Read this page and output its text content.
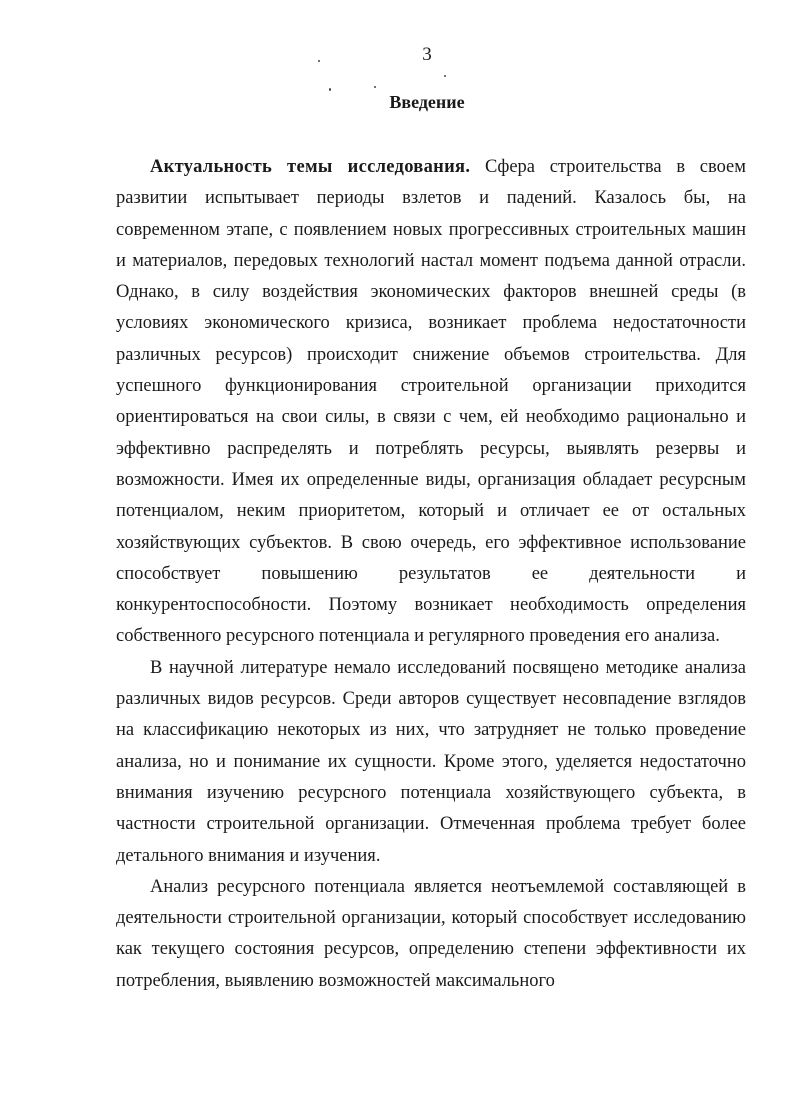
3
Введение

Актуальность темы исследования. Сфера строительства в своем развитии испытывает периоды взлетов и падений. Казалось бы, на современном этапе, с появлением новых прогрессивных строительных машин и материалов, передовых технологий настал момент подъема данной отрасли. Однако, в силу воздействия экономических факторов внешней среды (в условиях экономического кризиса, возникает проблема недостаточности различных ресурсов) происходит снижение объемов строительства. Для успешного функционирования строительной организации приходится ориентироваться на свои силы, в связи с чем, ей необходимо рационально и эффективно распределять и потреблять ресурсы, выявлять резервы и возможности. Имея их определенные виды, организация обладает ресурсным потенциалом, неким приоритетом, который и отличает ее от остальных хозяйствующих субъектов. В свою очередь, его эффективное использование способствует повышению результатов ее деятельности и конкурентоспособности. Поэтому возникает необходимость определения собственного ресурсного потенциала и регулярного проведения его анализа.

В научной литературе немало исследований посвящено методике анализа различных видов ресурсов. Среди авторов существует несовпадение взглядов на классификацию некоторых из них, что затрудняет не только проведение анализа, но и понимание их сущности. Кроме этого, уделяется недостаточно внимания изучению ресурсного потенциала хозяйствующего субъекта, в частности строительной организации. Отмеченная проблема требует более детального внимания и изучения.

Анализ ресурсного потенциала является неотъемлемой составляющей в деятельности строительной организации, который способствует исследованию как текущего состояния ресурсов, определению степени эффективности их потребления, выявлению возможностей максимального
